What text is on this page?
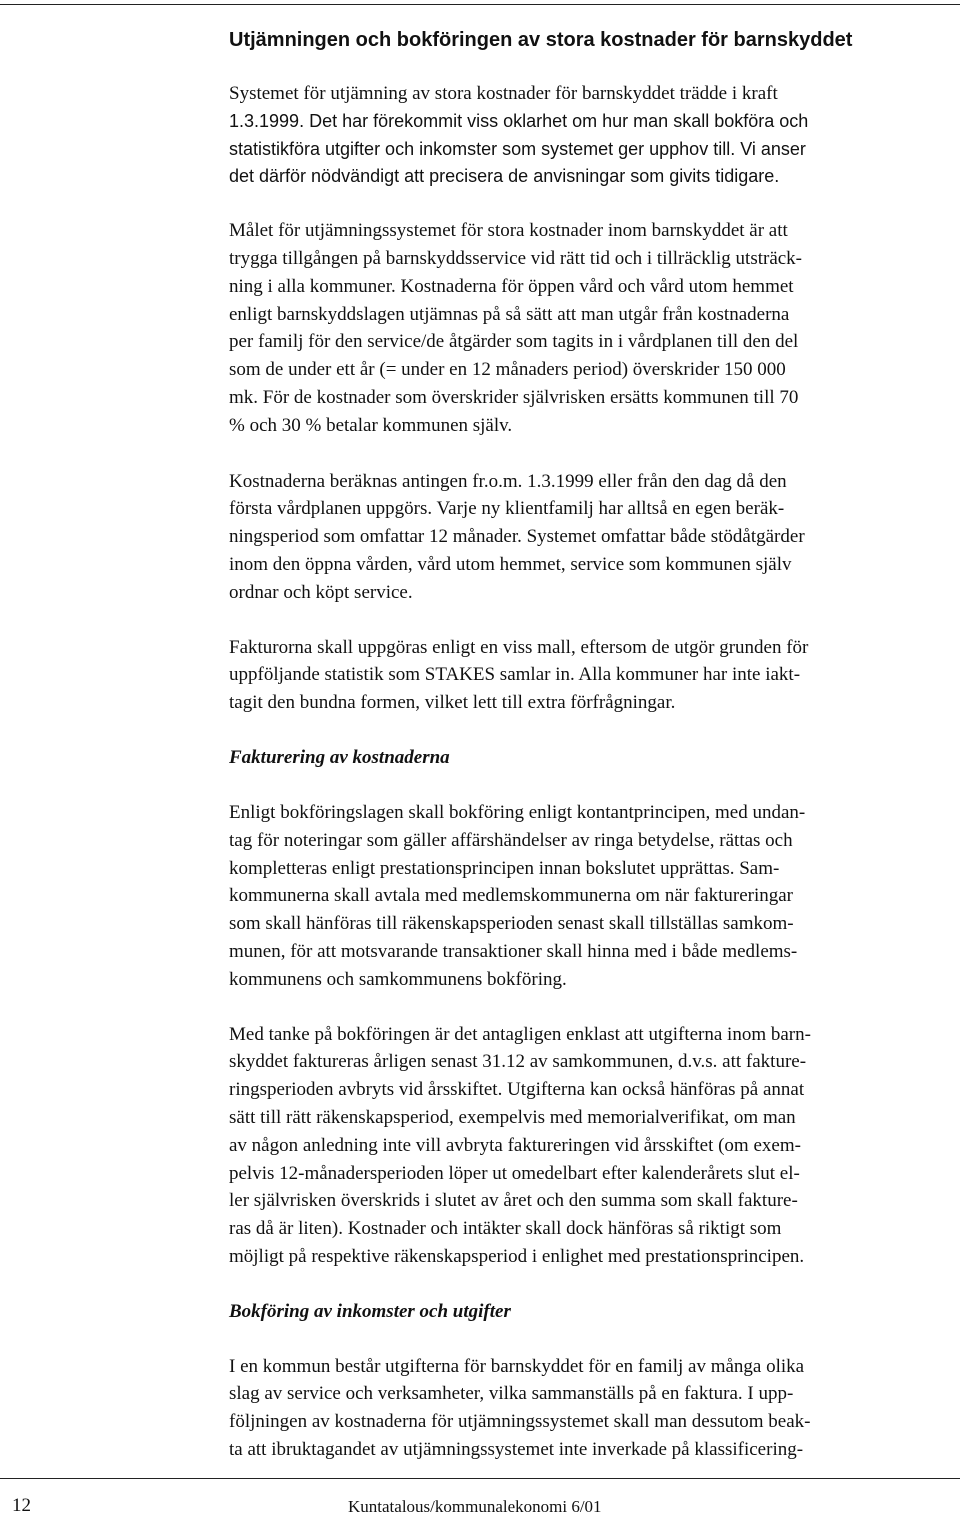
Utjämningen och bokföringen av stora kostnader för barnskyddet

Systemet för utjämning av stora kostnader för barnskyddet trädde i kraft
1.3.1999. Det har förekommit viss oklarhet om hur man skall bokföra och
statistikföra utgifter och inkomster som systemet ger upphov till. Vi anser
det därför nödvändigt att precisera de anvisningar som givits tidigare.

Målet för utjämningssystemet för stora kostnader inom barnskyddet är att
trygga tillgången på barnskyddsservice vid rätt tid och i tillräcklig utsträck-
ning i alla kommuner. Kostnaderna för öppen vård och vård utom hemmet
enligt barnskyddslagen utjämnas på så sätt att man utgår från kostnaderna
per familj för den service/de åtgärder som tagits in i vårdplanen till den del
som de under ett år (= under en 12 månaders period) överskrider 150 000
mk. För de kostnader som överskrider självrisken ersätts kommunen till 70
% och 30 % betalar kommunen själv.

Kostnaderna beräknas antingen fr.o.m. 1.3.1999 eller från den dag då den
första vårdplanen uppgörs. Varje ny klientfamilj har alltså en egen beräk-
ningsperiod som omfattar 12 månader. Systemet omfattar både stödåtgärder
inom den öppna vården, vård utom hemmet, service som kommunen själv
ordnar och köpt service.

Fakturorna skall uppgöras enligt en viss mall, eftersom de utgör grunden för
uppföljande statistik som STAKES samlar in. Alla kommuner har inte iakt-
tagit den bundna formen, vilket lett till extra förfrågningar.

Fakturering av kostnaderna

Enligt bokföringslagen skall bokföring enligt kontantprincipen, med undan-
tag för noteringar som gäller affärshändelser av ringa betydelse, rättas och
kompletteras enligt prestationsprincipen innan bokslutet upprättas. Sam-
kommunerna skall avtala med medlemskommunerna om när faktureringar
som skall hänföras till räkenskapsperioden senast skall tillställas samkom-
munen, för att motsvarande transaktioner skall hinna med i både medlems-
kommunens och samkommunens bokföring.

Med tanke på bokföringen är det antagligen enklast att utgifterna inom barn-
skyddet faktureras årligen senast 31.12 av samkommunen, d.v.s. att fakture-
ringsperioden avbryts vid årsskiftet. Utgifterna kan också hänföras på annat
sätt till rätt räkenskapsperiod, exempelvis med memorialverifikat, om man
av någon anledning inte vill avbryta faktureringen vid årsskiftet (om exem-
pelvis 12-månadersperioden löper ut omedelbart efter kalenderårets slut el-
ler självrisken överskrids i slutet av året och den summa som skall fakture-
ras då är liten). Kostnader och intäkter skall dock hänföras så riktigt som
möjligt på respektive räkenskapsperiod i enlighet med prestationsprincipen.

Bokföring av inkomster och utgifter

I en kommun består utgifterna för barnskyddet för en familj av många olika
slag av service och verksamheter, vilka sammanställs på en faktura. I upp-
följningen av kostnaderna för utjämningssystemet skall man dessutom beak-
ta att ibruktagandet av utjämningssystemet inte inverkade på klassificering-

12	Kuntatalous/kommunalekonomi 6/01
